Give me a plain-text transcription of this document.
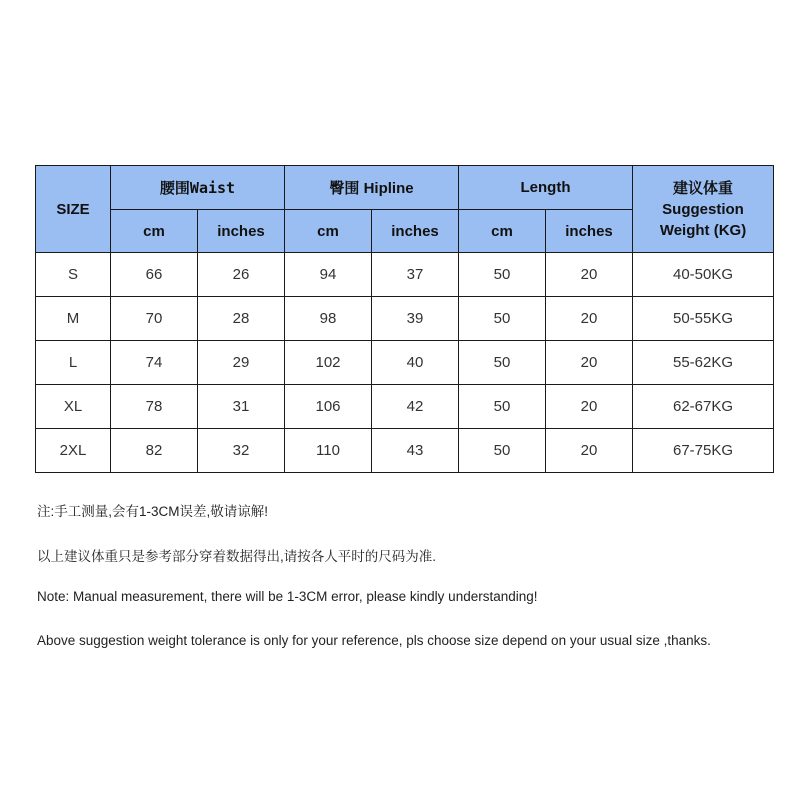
SIZE	腰围Waist		臀围 Hipline		Length		建议体重
Suggestion
Weight (KG)

	cm	inches	cm	inches	cm	inches	
S	66	26	94	37	50	20	40-50KG
M	70	28	98	39	50	20	50-55KG
L	74	29	102	40	50	20	55-62KG
XL	78	31	106	42	50	20	62-67KG
2XL	82	32	110	43	50	20	67-75KG

注:手工测量,会有1-3CM误差,敬请谅解!

以上建议体重只是参考部分穿着数据得出,请按各人平时的尺码为准.

Note: Manual measurement, there will be 1-3CM error, please kindly understanding!

Above suggestion weight tolerance is only for your reference, pls choose size depend on your usual size ,thanks.
